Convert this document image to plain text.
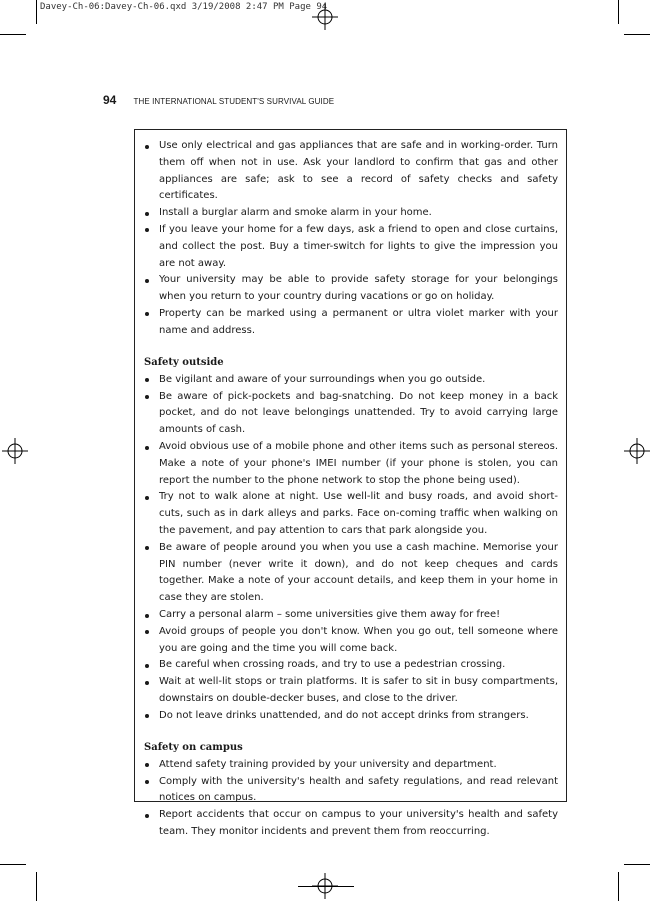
Davey-Ch-06:Davey-Ch-06.qxd 3/19/2008 2:47 PM Page 94
94 THE INTERNATIONAL STUDENT'S SURVIVAL GUIDE
Use only electrical and gas appliances that are safe and in working-order. Turn them off when not in use. Ask your landlord to confirm that gas and other appliances are safe; ask to see a record of safety checks and safety certificates.
Install a burglar alarm and smoke alarm in your home.
If you leave your home for a few days, ask a friend to open and close curtains, and collect the post. Buy a timer-switch for lights to give the impression you are not away.
Your university may be able to provide safety storage for your belongings when you return to your country during vacations or go on holiday.
Property can be marked using a permanent or ultra violet marker with your name and address.
Safety outside
Be vigilant and aware of your surroundings when you go outside.
Be aware of pick-pockets and bag-snatching. Do not keep money in a back pocket, and do not leave belongings unattended. Try to avoid carrying large amounts of cash.
Avoid obvious use of a mobile phone and other items such as personal stereos. Make a note of your phone's IMEI number (if your phone is stolen, you can report the number to the phone network to stop the phone being used).
Try not to walk alone at night. Use well-lit and busy roads, and avoid short-cuts, such as in dark alleys and parks. Face on-coming traffic when walking on the pavement, and pay attention to cars that park alongside you.
Be aware of people around you when you use a cash machine. Memorise your PIN number (never write it down), and do not keep cheques and cards together. Make a note of your account details, and keep them in your home in case they are stolen.
Carry a personal alarm – some universities give them away for free!
Avoid groups of people you don't know. When you go out, tell someone where you are going and the time you will come back.
Be careful when crossing roads, and try to use a pedestrian crossing.
Wait at well-lit stops or train platforms. It is safer to sit in busy compartments, downstairs on double-decker buses, and close to the driver.
Do not leave drinks unattended, and do not accept drinks from strangers.
Safety on campus
Attend safety training provided by your university and department.
Comply with the university's health and safety regulations, and read relevant notices on campus.
Report accidents that occur on campus to your university's health and safety team. They monitor incidents and prevent them from reoccurring.
